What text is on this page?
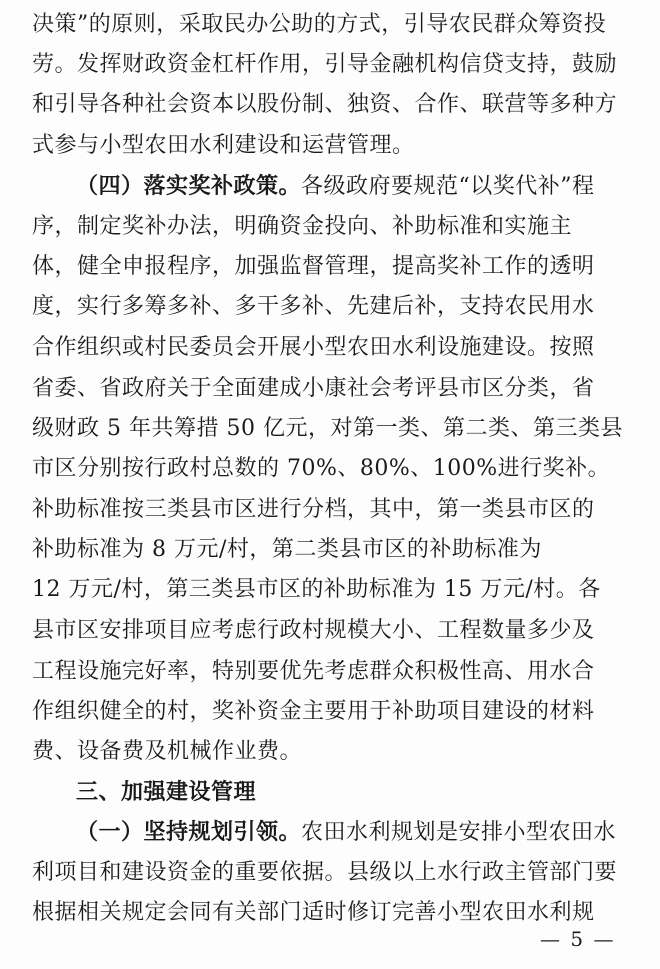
决策”的原则，采取民办公助的方式，引导农民群众筹资投
劳。发挥财政资金杠杆作用，引导金融机构信贷支持，鼓励
和引导各种社会资本以股份制、独资、合作、联营等多种方
式参与小型农田水利建设和运营管理。
（四）落实奖补政策。各级政府要规范“以奖代补”程
序，制定奖补办法，明确资金投向、补助标准和实施主
体，健全申报程序，加强监督管理，提高奖补工作的透明
度，实行多筹多补、多干多补、先建后补，支持农民用水
合作组织或村民委员会开展小型农田水利设施建设。按照
省委、省政府关于全面建成小康社会考评县市区分类，省
级财政 5 年共筹措 50 亿元，对第一类、第二类、第三类县
市区分别按行政村总数的 70%、80%、100%进行奖补。
补助标准按三类县市区进行分档，其中，第一类县市区的
补助标准为 8 万元/村，第二类县市区的补助标准为
12 万元/村，第三类县市区的补助标准为 15 万元/村。各
县市区安排项目应考虑行政村规模大小、工程数量多少及
工程设施完好率，特别要优先考虑群众积极性高、用水合
作组织健全的村，奖补资金主要用于补助项目建设的材料
费、设备费及机械作业费。
三、加强建设管理
（一）坚持规划引领。农田水利规划是安排小型农田水
利项目和建设资金的重要依据。县级以上水行政主管部门要
根据相关规定会同有关部门适时修订完善小型农田水利规
— 5 —
